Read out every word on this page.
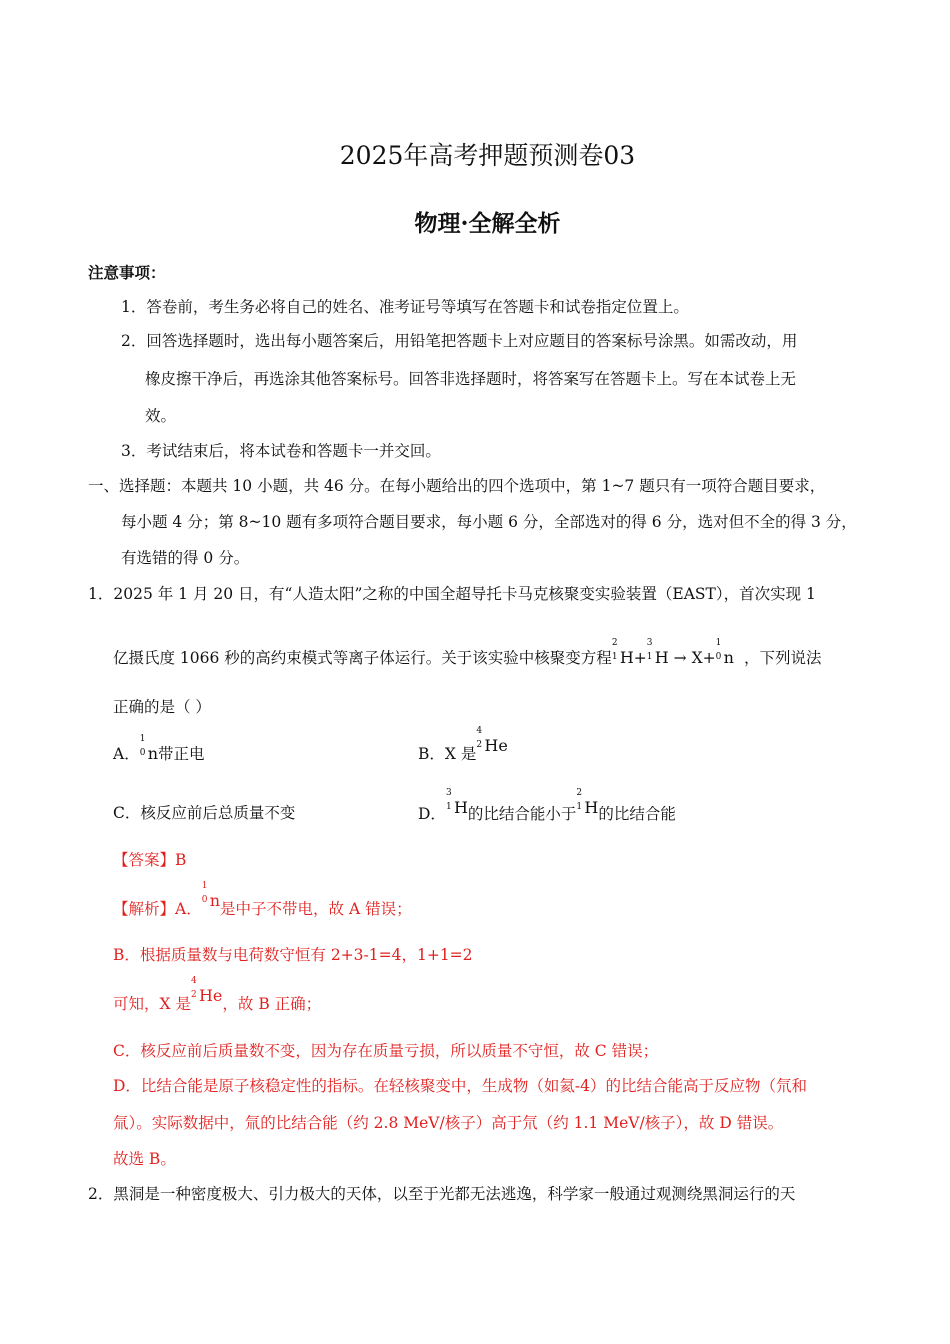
2025年高考押题预测卷03
物理·全解全析
注意事项：
1．答卷前，考生务必将自己的姓名、准考证号等填写在答题卡和试卷指定位置上。
2．回答选择题时，选出每小题答案后，用铅笔把答题卡上对应题目的答案标号涂黑。如需改动，用
橡皮擦干净后，再选涂其他答案标号。回答非选择题时，将答案写在答题卡上。写在本试卷上无
效。
3．考试结束后，将本试卷和答题卡一并交回。
一、选择题：本题共 10 小题，共 46 分。在每小题给出的四个选项中，第 1~7 题只有一项符合题目要求，
每小题 4 分；第 8~10 题有多项符合题目要求，每小题 6 分，全部选对的得 6 分，选对但不全的得 3 分，
有选错的得 0 分。
1．2025 年 1 月 20 日，有“人造太阳”之称的中国全超导托卡马克核聚变实验装置（EAST），首次实现 1
亿摄氏度 1066 秒的高约束模式等离子体运行。关于该实验中核聚变方程
2
1 H+
3
1 H → X+
1
0 n ，下列说法
正确的是（ ）
A．
1
0 n带正电	B．X 是
4
2 He
C．核反应前后总质量不变	D．
3
1 H的比结合能小于
2
1 H的比结合能
【答案】B
【解析】A．
1
0 n是中子不带电，故 A 错误；
B．根据质量数与电荷数守恒有 2+3-1=4，1+1=2
可知，X 是
4
2 He，故 B 正确；
C．核反应前后质量数不变，因为存在质量亏损，所以质量不守恒，故 C 错误；
D．比结合能是原子核稳定性的指标。在轻核聚变中，生成物（如氦-4）的比结合能高于反应物（氘和
氚）。实际数据中，氚的比结合能（约 2.8 MeV/核子）高于氘（约 1.1 MeV/核子），故 D 错误。
故选 B。
2．黑洞是一种密度极大、引力极大的天体，以至于光都无法逃逸，科学家一般通过观测绕黑洞运行的天
